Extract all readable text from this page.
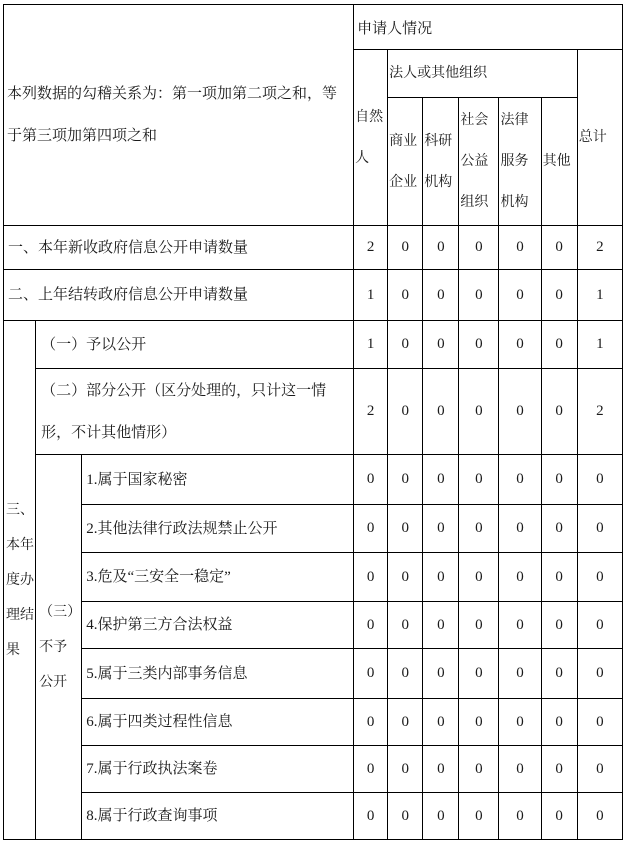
本列数据的勾稽关系为：第一项加第二项之和，等于第三项加第四项之和			申请人情况						
			自然人	法人或其他组织					总计
				商业企业	科研机构	社会公益组织	法律服务机构	其他	
一、本年新收政府信息公开申请数量			2	0	0	0	0	0	2
二、上年结转政府信息公开申请数量			1	0	0	0	0	0	1
三、本年度办理结果	（一）予以公开		1	0	0	0	0	0	1
	（二）部分公开（区分处理的，只计这一情形，不计其他情形）		2	0	0	0	0	0	2
	（三）不予公开	1.属于国家秘密	0	0	0	0	0	0	0
		2.其他法律行政法规禁止公开	0	0	0	0	0	0	0
		3.危及“三安全一稳定”	0	0	0	0	0	0	0
		4.保护第三方合法权益	0	0	0	0	0	0	0
		5.属于三类内部事务信息	0	0	0	0	0	0	0
		6.属于四类过程性信息	0	0	0	0	0	0	0
		7.属于行政执法案卷	0	0	0	0	0	0	0
		8.属于行政查询事项	0	0	0	0	0	0	0
